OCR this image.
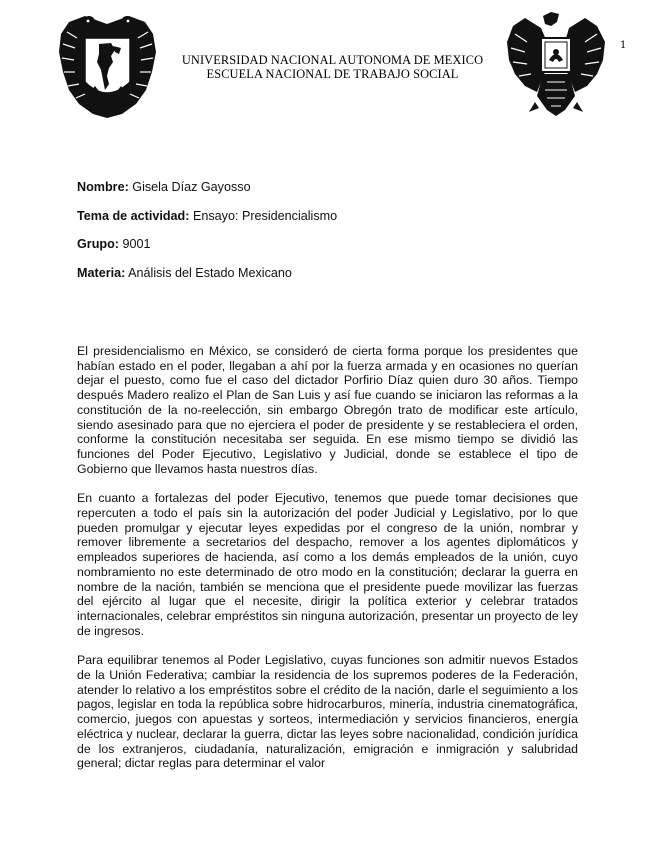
1
UNIVERSIDAD NACIONAL AUTONOMA DE MEXICO
ESCUELA NACIONAL DE TRABAJO SOCIAL
Nombre: Gisela Díaz Gayosso
Tema de actividad: Ensayo: Presidencialismo
Grupo: 9001
Materia: Análisis del Estado Mexicano

El presidencialismo en México, se consideró de cierta forma porque los presidentes que habían estado en el poder, llegaban a ahí por la fuerza armada y en ocasiones no querían dejar el puesto, como fue el caso del dictador Porfirio Díaz quien duro 30 años. Tiempo después Madero realizo el Plan de San Luis y así fue cuando se iniciaron las reformas a la constitución de la no-reelección, sin embargo Obregón trato de modificar este artículo, siendo asesinado para que no ejerciera el poder de presidente y se restableciera el orden, conforme la constitución necesitaba ser seguida. En ese mismo tiempo se dividió las funciones del Poder Ejecutivo, Legislativo y Judicial, donde se establece el tipo de Gobierno que llevamos hasta nuestros días.

En cuanto a fortalezas del poder Ejecutivo, tenemos que puede tomar decisiones que repercuten a todo el país sin la autorización del poder Judicial y Legislativo, por lo que pueden promulgar y ejecutar leyes expedidas por el congreso de la unión, nombrar y remover libremente a secretarios del despacho, remover a los agentes diplomáticos y empleados superiores de hacienda, así como a los demás empleados de la unión, cuyo nombramiento no este determinado de otro modo en la constitución; declarar la guerra en nombre de la nación, también se menciona que el presidente puede movilizar las fuerzas del ejército al lugar que el necesite, dirigir la política exterior y celebrar tratados internacionales, celebrar empréstitos sin ninguna autorización, presentar un proyecto de ley de ingresos.

Para equilibrar tenemos al Poder Legislativo, cuyas funciones son admitir nuevos Estados de la Unión Federativa; cambiar la residencia de los supremos poderes de la Federación, atender lo relativo a los empréstitos sobre el crédito de la nación, darle el seguimiento a los pagos, legislar en toda la república sobre hidrocarburos, minería, industria cinematográfica, comercio, juegos con apuestas y sorteos, intermediación y servicios financieros, energía eléctrica y nuclear, declarar la guerra, dictar las leyes sobre nacionalidad, condición jurídica de los extranjeros, ciudadanía, naturalización, emigración e inmigración y salubridad general; dictar reglas para determinar el valor
